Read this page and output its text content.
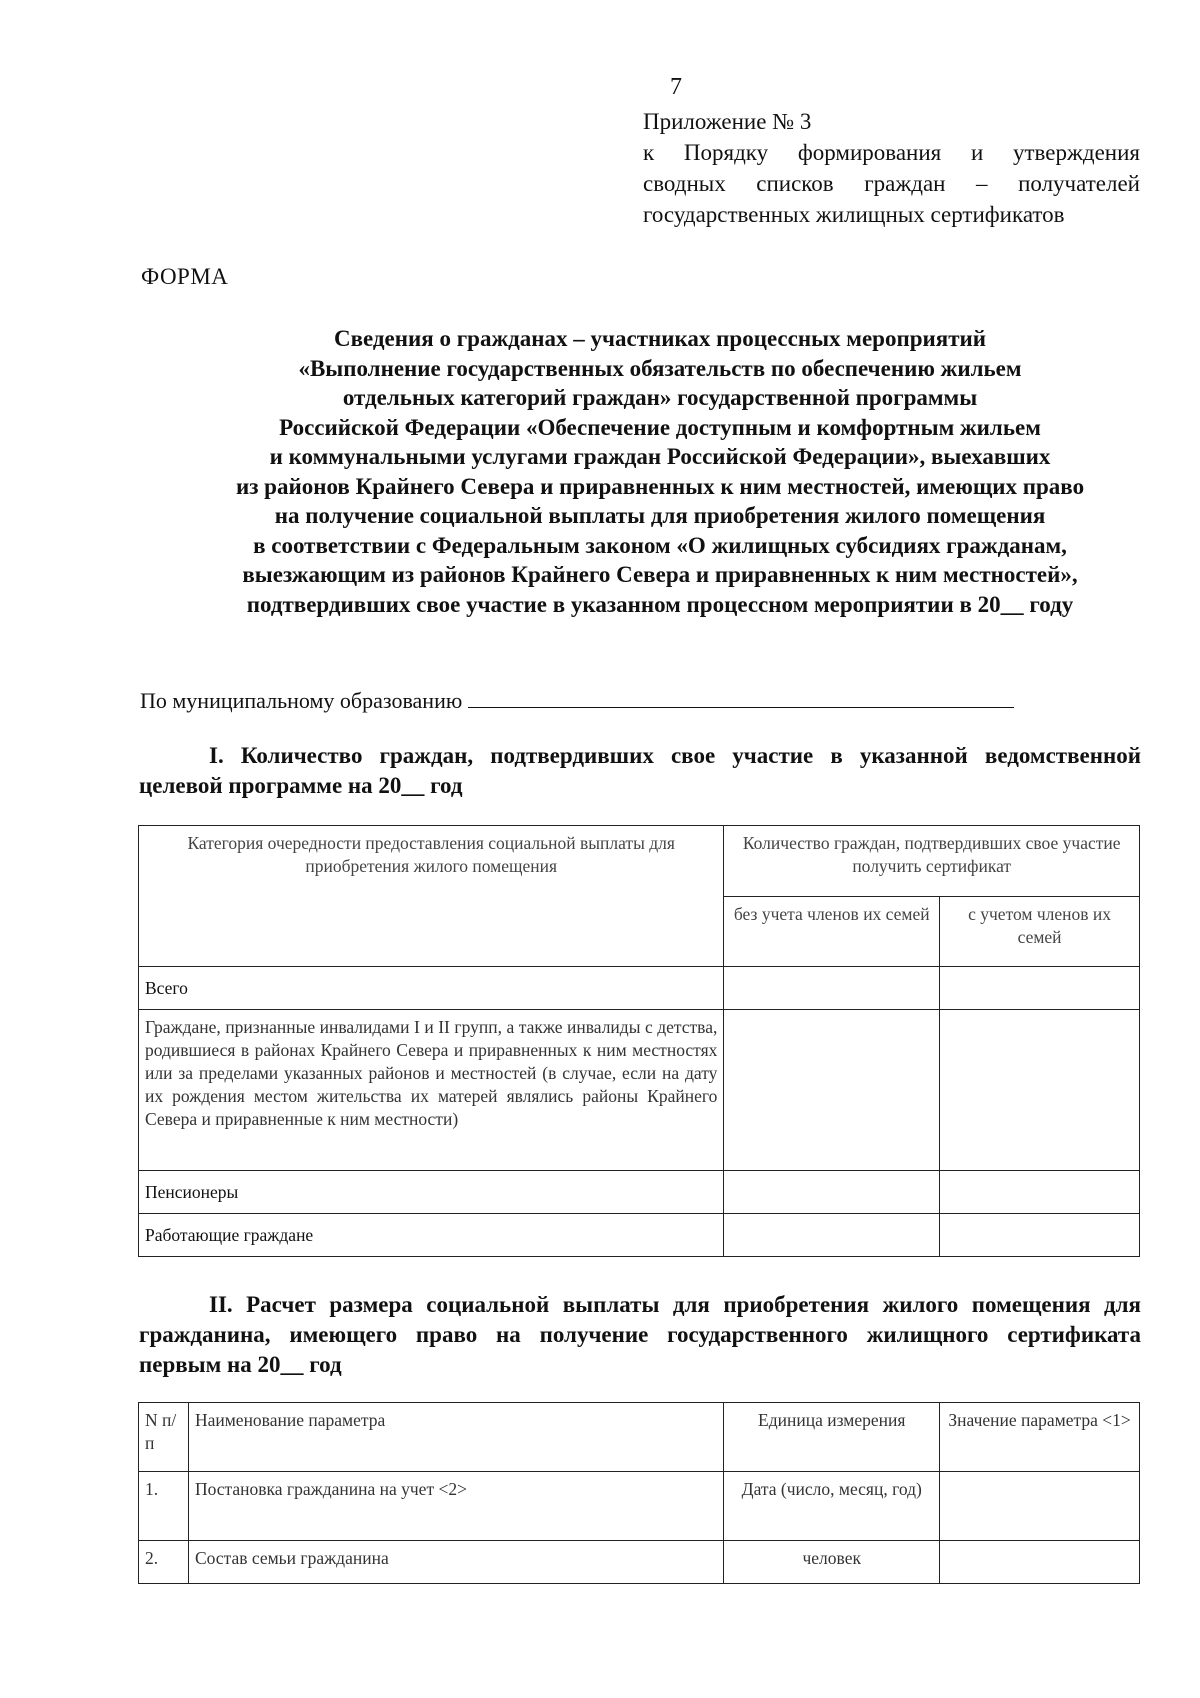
7
Приложение № 3
к Порядку формирования и утверждения
сводных списков граждан – получателей
государственных жилищных сертификатов
ФОРМА
Сведения о гражданах – участниках процессных мероприятий
«Выполнение государственных обязательств по обеспечению жильем
отдельных категорий граждан» государственной программы
Российской Федерации «Обеспечение доступным и комфортным жильем
и коммунальными услугами граждан Российской Федерации», выехавших
из районов Крайнего Севера и приравненных к ним местностей, имеющих право
на получение социальной выплаты для приобретения жилого помещения
в соответствии с Федеральным законом «О жилищных субсидиях гражданам,
выезжающим из районов Крайнего Севера и приравненных к ним местностей»,
подтвердивших свое участие в указанном процессном мероприятии в 20__ году
По муниципальному образованию
I. Количество граждан, подтвердивших свое участие в указанной ведомственной
целевой программе на 20__ год
Категория очередности предоставления социальной выплаты для приобретения жилого помещения	Количество граждан, подтвердивших свое участие получить сертификат	
	без учета членов их семей	с учетом членов их семей
Всего		
Граждане, признанные инвалидами I и II групп, а также инвалиды с детства, родившиеся в районах Крайнего Севера и приравненных к ним местностях или за пределами указанных районов и местностей (в случае, если на дату их рождения местом жительства их матерей являлись районы Крайнего Севера и приравненные к ним местности)		
Пенсионеры		
Работающие граждане		
II. Расчет размера социальной выплаты для приобретения жилого помещения для
гражданина, имеющего право на получение государственного жилищного сертификата
первым на 20__ год
N п/п	Наименование параметра	Единица измерения	Значение параметра <1>
1.	Постановка гражданина на учет <2>	Дата (число, месяц, год)	
2.	Состав семьи гражданина	человек	
